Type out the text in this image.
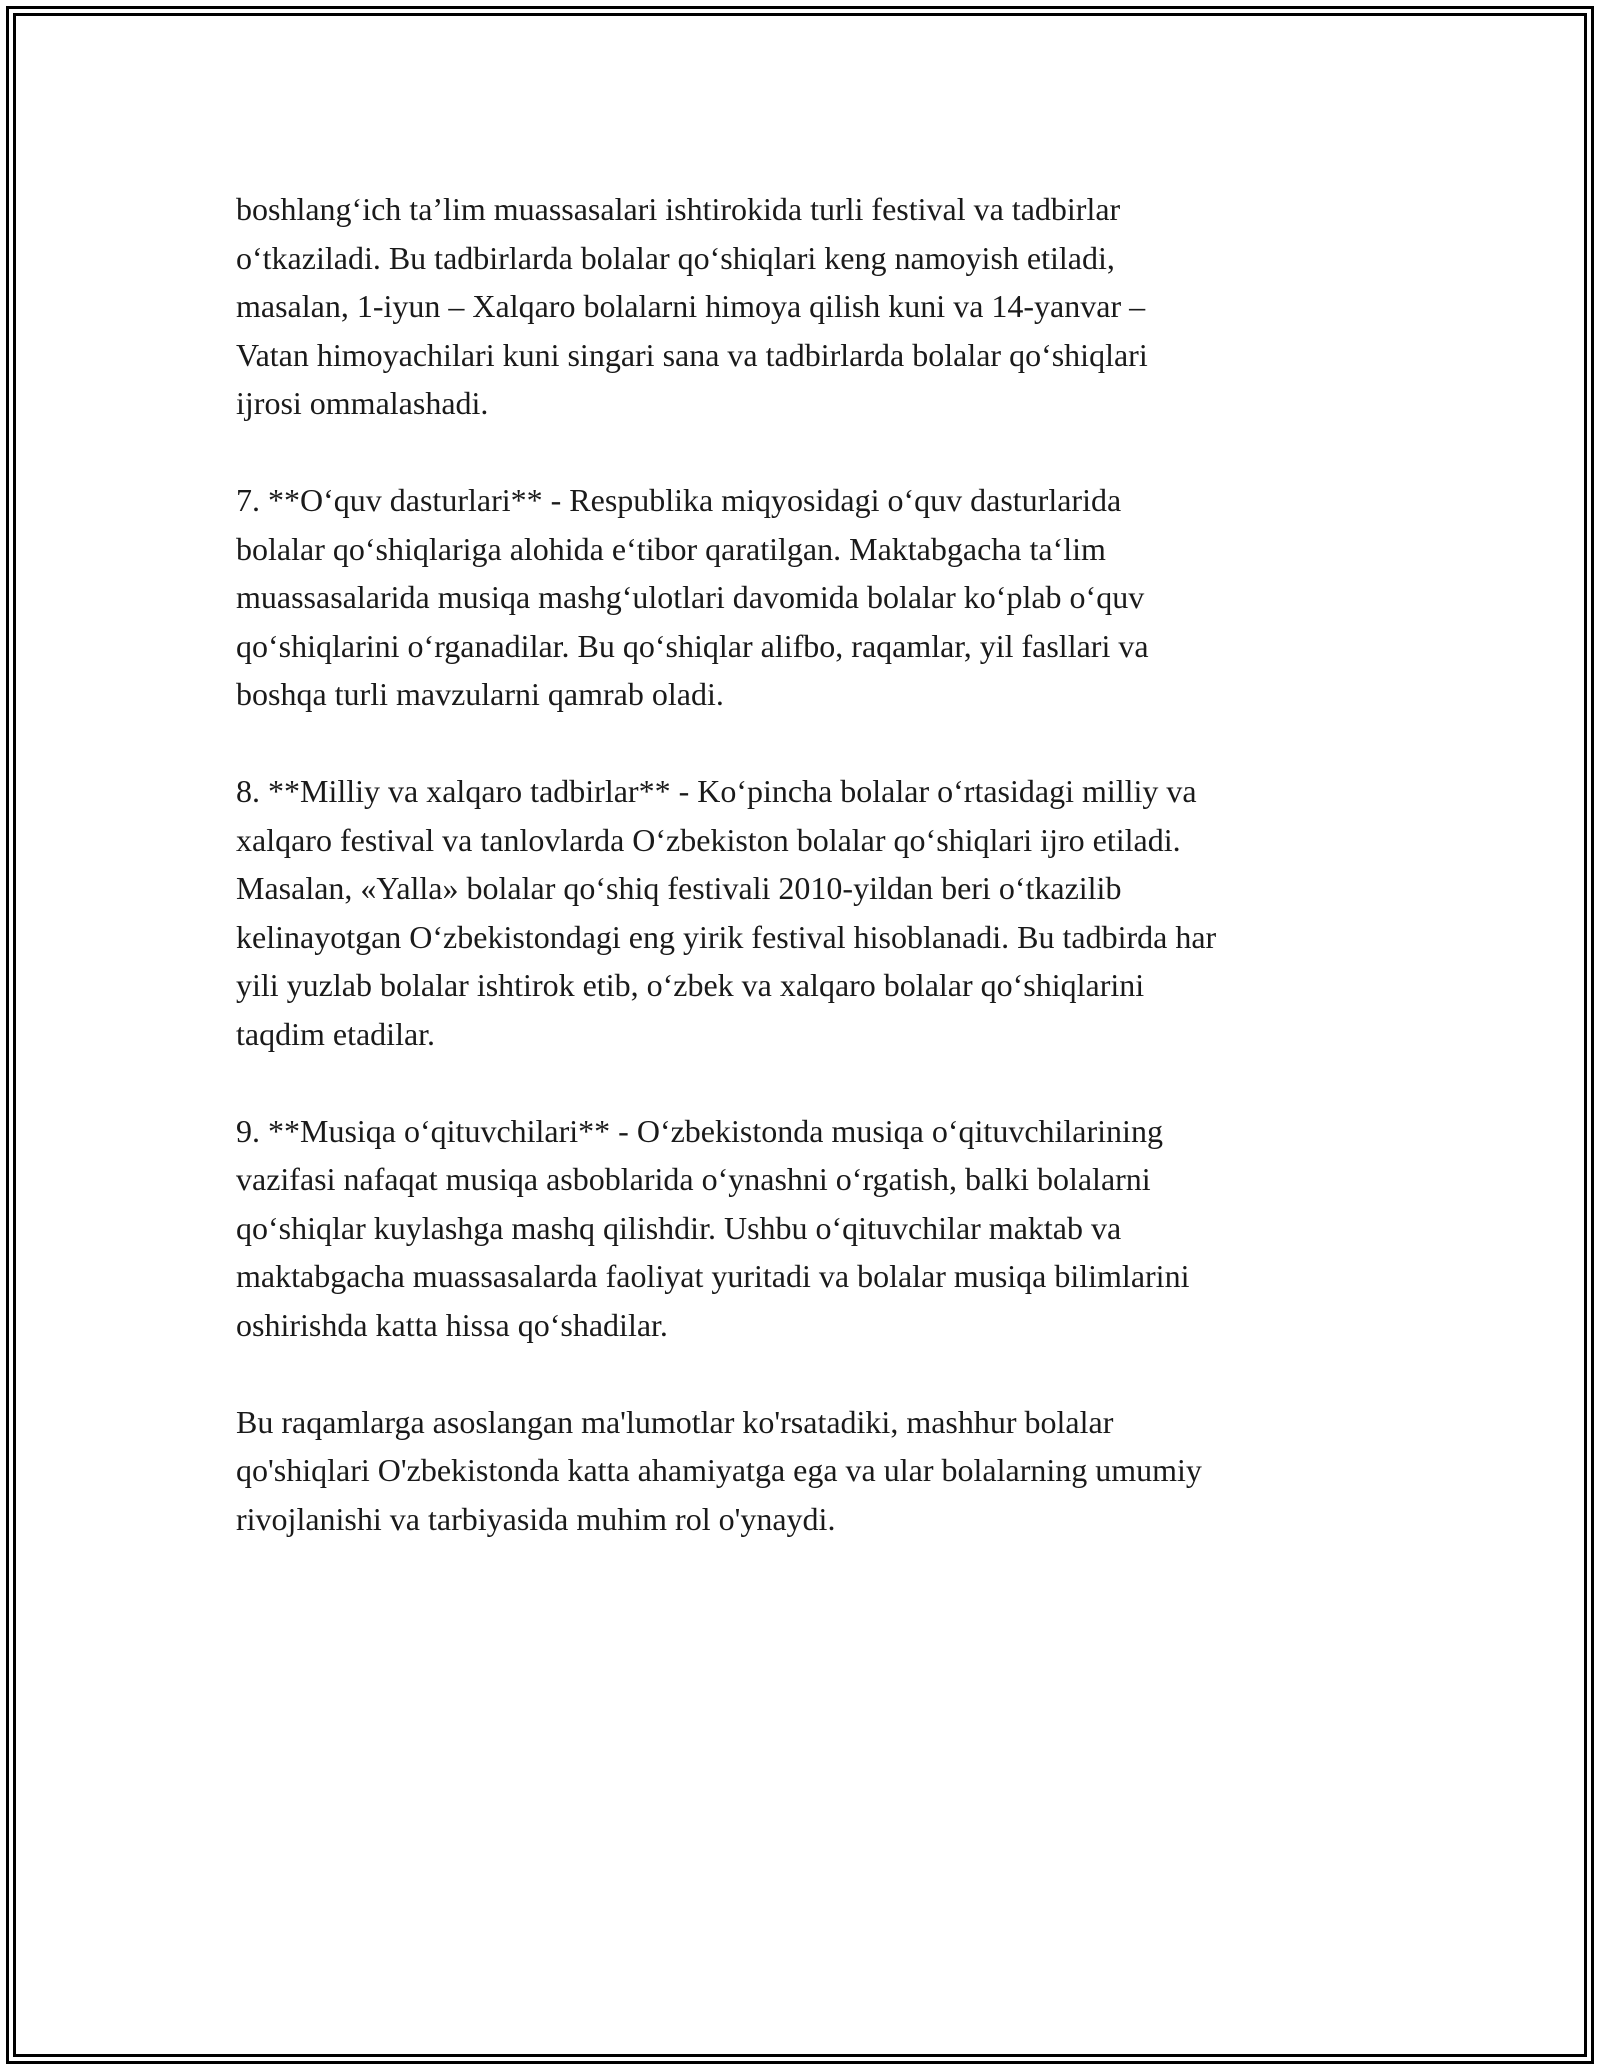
boshlang‘ich ta’lim muassasalari ishtirokida turli festival va tadbirlar
o‘tkaziladi. Bu tadbirlarda bolalar qo‘shiqlari keng namoyish etiladi,
masalan, 1-iyun – Xalqaro bolalarni himoya qilish kuni va 14-yanvar –
Vatan himoyachilari kuni singari sana va tadbirlarda bolalar qo‘shiqlari
ijrosi ommalashadi.

7. **O‘quv dasturlari** - Respublika miqyosidagi o‘quv dasturlarida
bolalar qo‘shiqlariga alohida e‘tibor qaratilgan. Maktabgacha ta‘lim
muassasalarida musiqa mashg‘ulotlari davomida bolalar ko‘plab o‘quv
qo‘shiqlarini o‘rganadilar. Bu qo‘shiqlar alifbo, raqamlar, yil fasllari va
boshqa turli mavzularni qamrab oladi.

8. **Milliy va xalqaro tadbirlar** - Ko‘pincha bolalar o‘rtasidagi milliy va
xalqaro festival va tanlovlarda O‘zbekiston bolalar qo‘shiqlari ijro etiladi.
Masalan, «Yalla» bolalar qo‘shiq festivali 2010-yildan beri o‘tkazilib
kelinayotgan O‘zbekistondagi eng yirik festival hisoblanadi. Bu tadbirda har
yili yuzlab bolalar ishtirok etib, o‘zbek va xalqaro bolalar qo‘shiqlarini
taqdim etadilar.

9. **Musiqa o‘qituvchilari** - O‘zbekistonda musiqa o‘qituvchilarining
vazifasi nafaqat musiqa asboblarida o‘ynashni o‘rgatish, balki bolalarni
qo‘shiqlar kuylashga mashq qilishdir. Ushbu o‘qituvchilar maktab va
maktabgacha muassasalarda faoliyat yuritadi va bolalar musiqa bilimlarini
oshirishda katta hissa qo‘shadilar.

Bu raqamlarga asoslangan ma'lumotlar ko'rsatadiki, mashhur bolalar
qo'shiqlari O'zbekistonda katta ahamiyatga ega va ular bolalarning umumiy
rivojlanishi va tarbiyasida muhim rol o'ynaydi.
